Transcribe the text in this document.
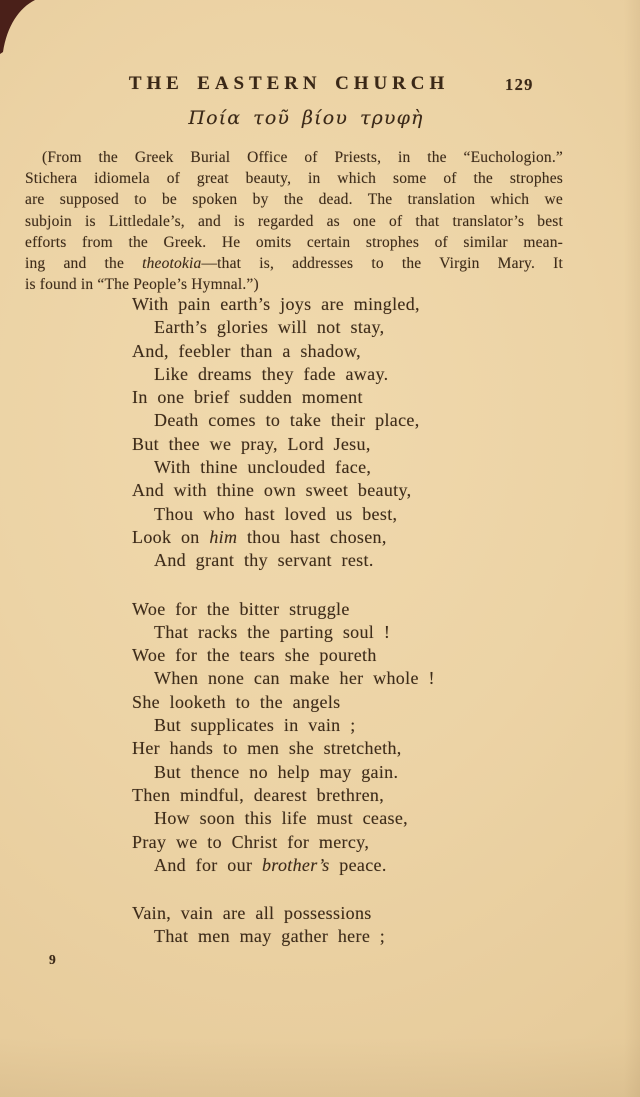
THE EASTERN CHURCH	129
Ποία τοῦ βίου τρυφὴ
(From the Greek Burial Office of Priests, in the “Euchologion.”
Stichera idiomela of great beauty, in which some of the strophes
are supposed to be spoken by the dead. The translation which we
subjoin is Littledale’s, and is regarded as one of that translator’s best
efforts from the Greek. He omits certain strophes of similar mean-
ing and the theotokia—that is, addresses to the Virgin Mary. It
is found in “The People’s Hymnal.”)
With pain earth’s joys are mingled,
Earth’s glories will not stay,
And, feebler than a shadow,
Like dreams they fade away.
In one brief sudden moment
Death comes to take their place,
But thee we pray, Lord Jesu,
With thine unclouded face,
And with thine own sweet beauty,
Thou who hast loved us best,
Look on him thou hast chosen,
And grant thy servant rest.
Woe for the bitter struggle
That racks the parting soul !
Woe for the tears she poureth
When none can make her whole !
She looketh to the angels
But supplicates in vain ;
Her hands to men she stretcheth,
But thence no help may gain.
Then mindful, dearest brethren,
How soon this life must cease,
Pray we to Christ for mercy,
And for our brother’s peace.
Vain, vain are all possessions
That men may gather here ;
9
